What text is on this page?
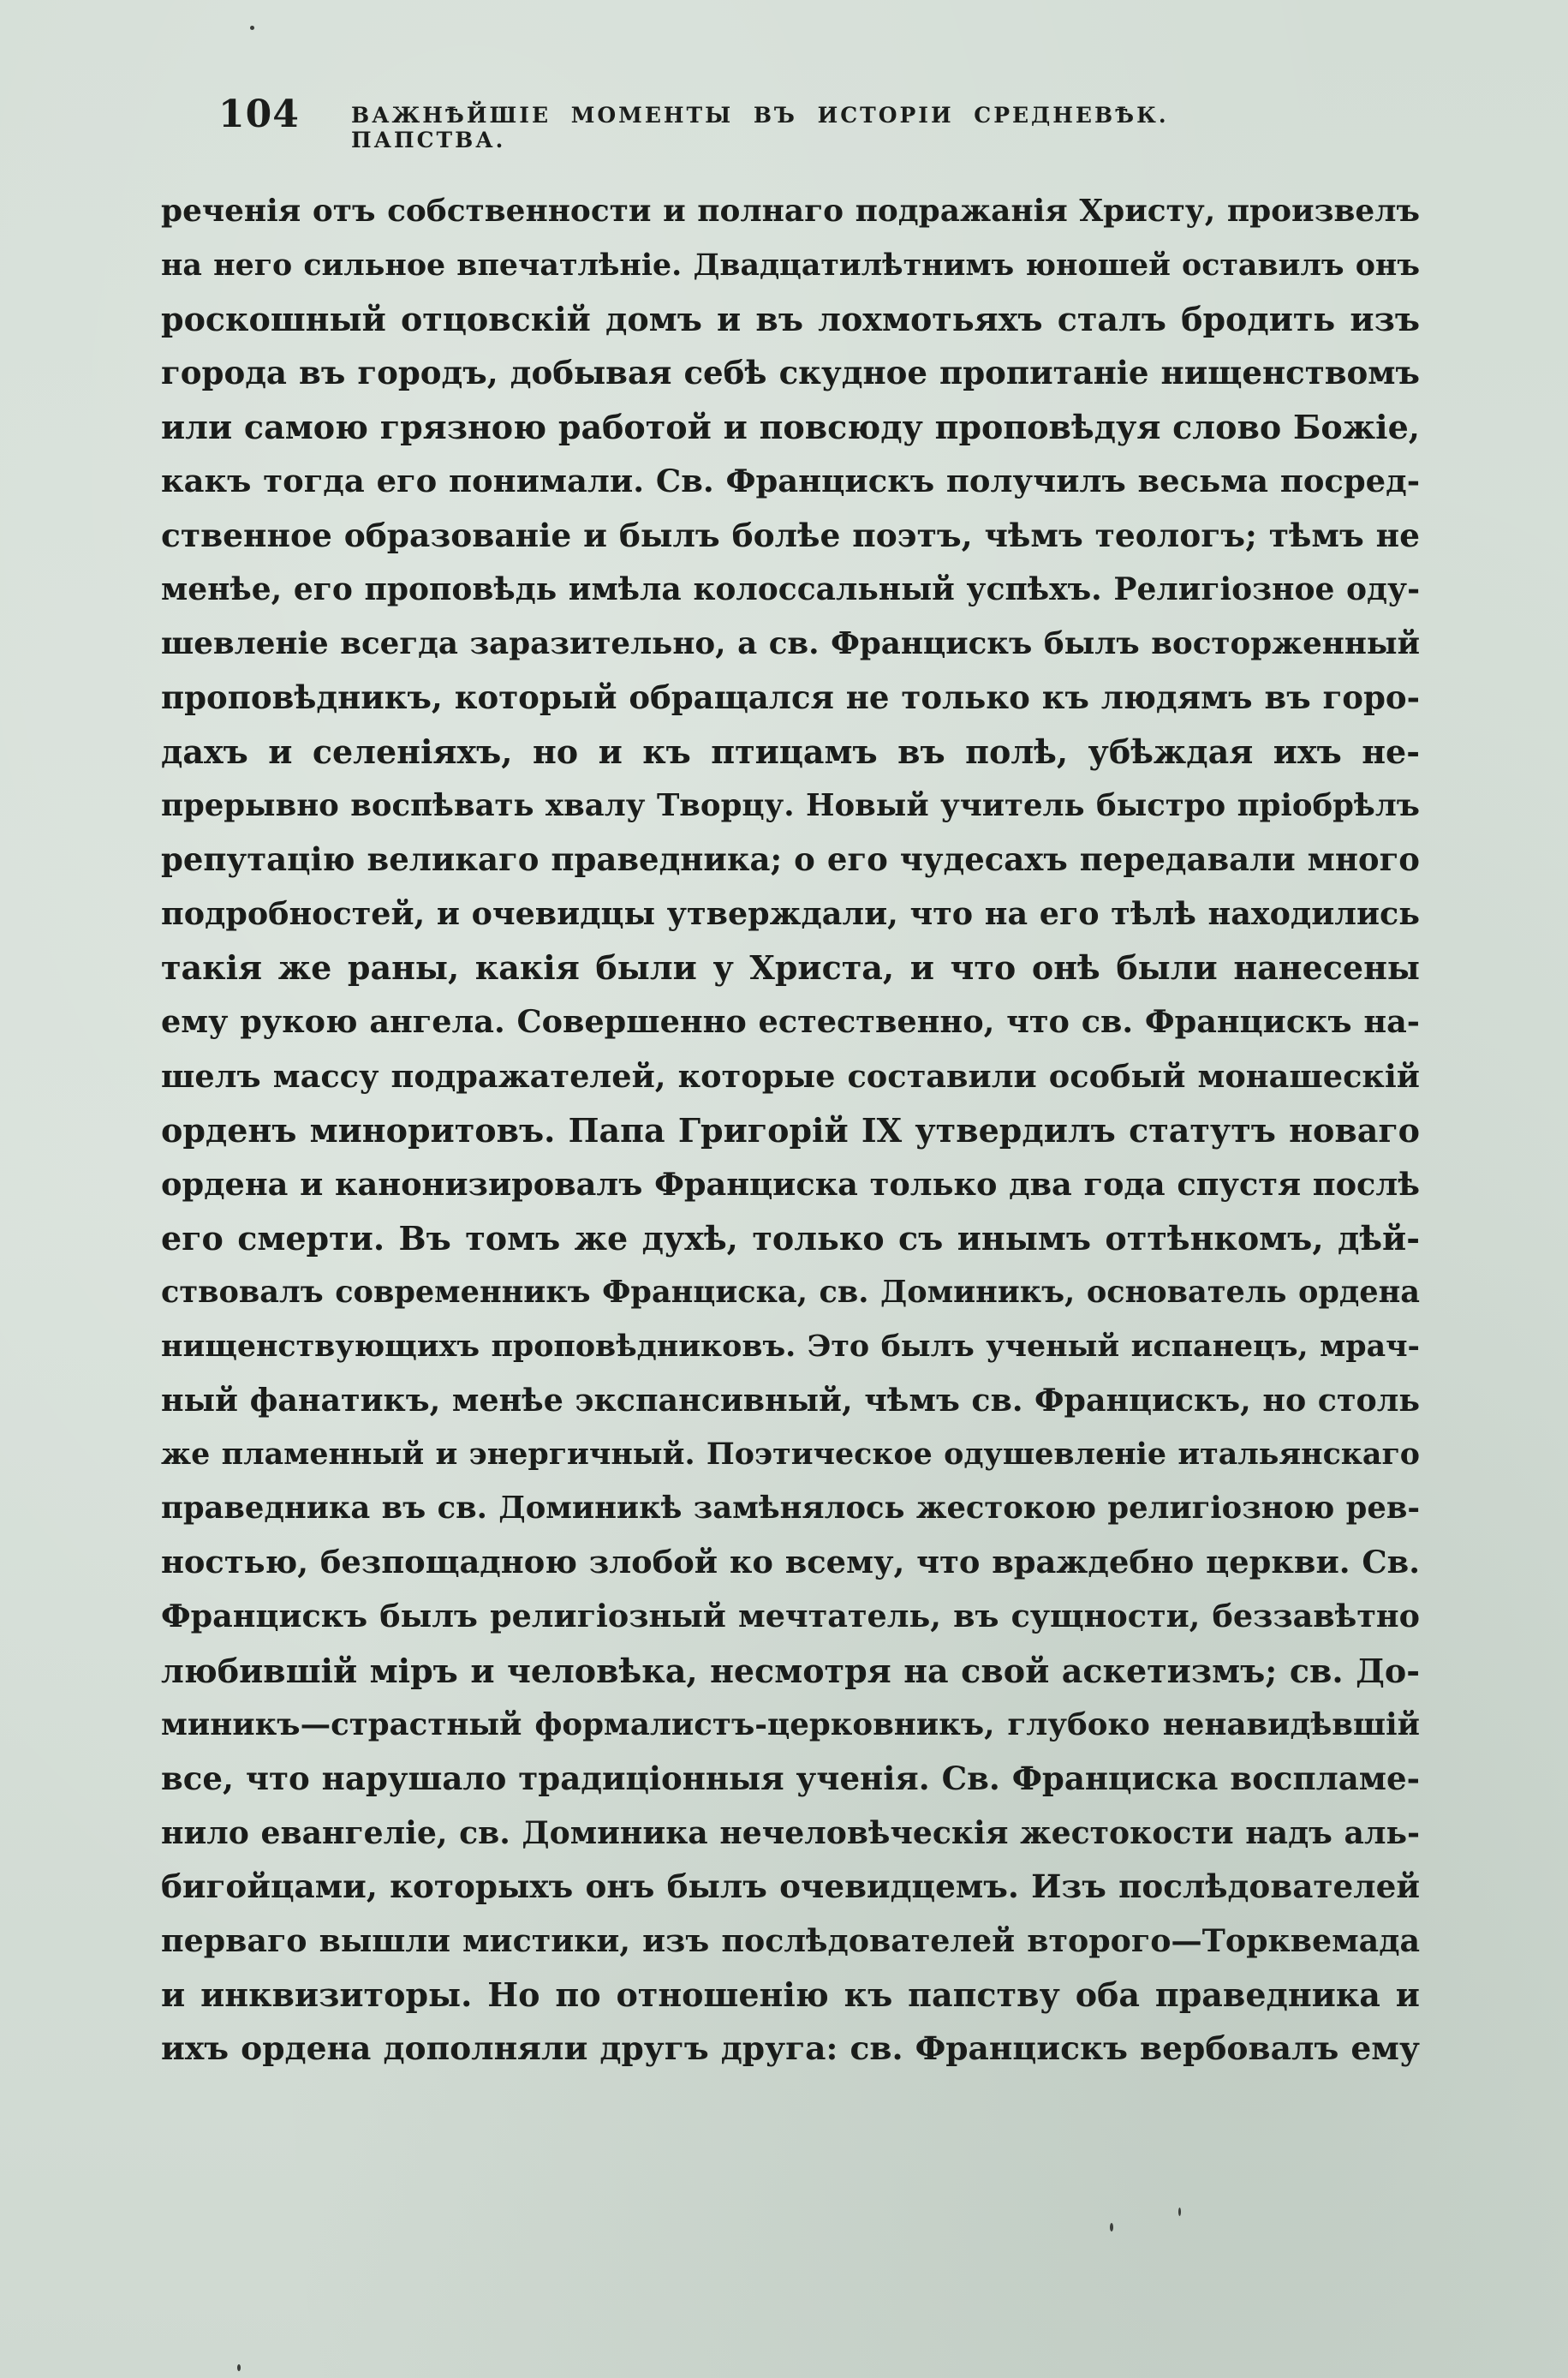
104 ВАЖНѢЙШІЕ МОМЕНТЫ ВЪ ИСТОРІИ СРЕДНЕВѢК. ПАПСТВА.
реченія отъ собственности и полнаго подражанія Христу, произвелъ
на него сильное впечатлѣніе. Двадцатилѣтнимъ юношей оставилъ онъ
роскошный отцовскій домъ и въ лохмотьяхъ сталъ бродить изъ
города въ городъ, добывая себѣ скудное пропитаніе нищенствомъ
или самою грязною работой и повсюду проповѣдуя слово Божіе,
какъ тогда его понимали. Св. Францискъ получилъ весьма посред-
ственное образованіе и былъ болѣе поэтъ, чѣмъ теологъ; тѣмъ не
менѣе, его проповѣдь имѣла колоссальный успѣхъ. Религіозное оду-
шевленіе всегда заразительно, а св. Францискъ былъ восторженный
проповѣдникъ, который обращался не только къ людямъ въ горо-
дахъ и селеніяхъ, но и къ птицамъ въ полѣ, убѣждая ихъ не-
прерывно воспѣвать хвалу Творцу. Новый учитель быстро пріобрѣлъ
репутацію великаго праведника; о его чудесахъ передавали много
подробностей, и очевидцы утверждали, что на его тѣлѣ находились
такія же раны, какія были у Христа, и что онѣ были нанесены
ему рукою ангела. Совершенно естественно, что св. Францискъ на-
шелъ массу подражателей, которые составили особый монашескій
орденъ миноритовъ. Папа Григорій IX утвердилъ статутъ новаго
ордена и канонизировалъ Франциска только два года спустя послѣ
его смерти. Въ томъ же духѣ, только съ инымъ оттѣнкомъ, дѣй-
ствовалъ современникъ Франциска, св. Доминикъ, основатель ордена
нищенствующихъ проповѣдниковъ. Это былъ ученый испанецъ, мрач-
ный фанатикъ, менѣе экспансивный, чѣмъ св. Францискъ, но столь
же пламенный и энергичный. Поэтическое одушевленіе итальянскаго
праведника въ св. Доминикѣ замѣнялось жестокою религіозною рев-
ностью, безпощадною злобой ко всему, что враждебно церкви. Св.
Францискъ былъ религіозный мечтатель, въ сущности, беззавѣтно
любившій міръ и человѣка, несмотря на свой аскетизмъ; св. До-
миникъ—страстный формалистъ-церковникъ, глубоко ненавидѣвшій
все, что нарушало традиціонныя ученія. Св. Франциска воспламе-
нило евангеліе, св. Доминика нечеловѣческія жестокости надъ аль-
бигойцами, которыхъ онъ былъ очевидцемъ. Изъ послѣдователей
перваго вышли мистики, изъ послѣдователей второго—Торквемада
и инквизиторы. Но по отношенію къ папству оба праведника и
ихъ ордена дополняли другъ друга: св. Францискъ вербовалъ ему
